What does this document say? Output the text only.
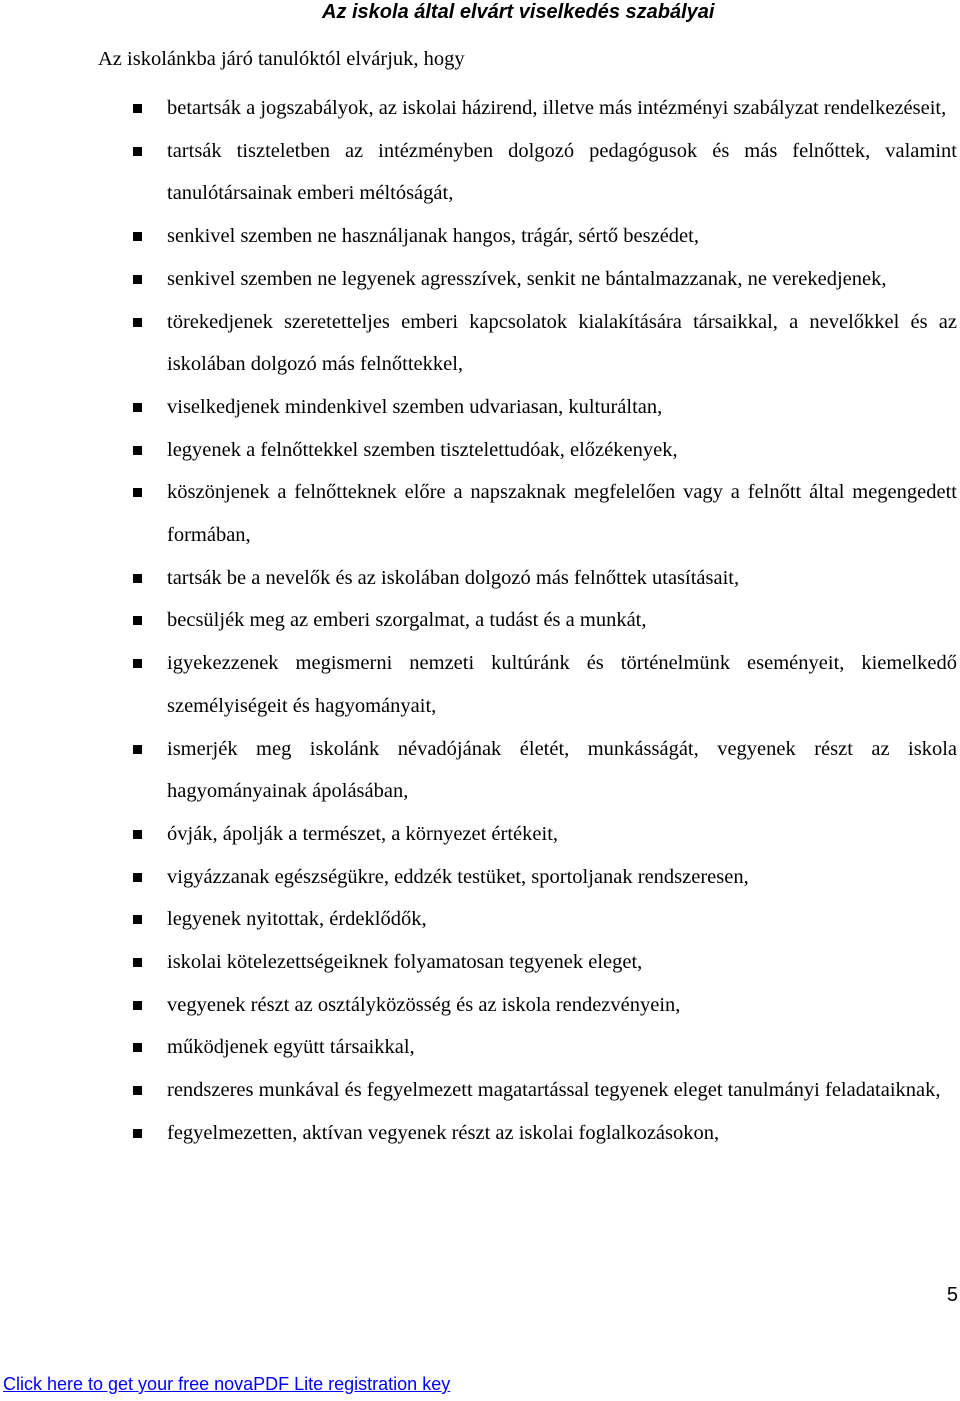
Az iskola által elvárt viselkedés szabályai
Az iskolánkba járó tanulóktól elvárjuk, hogy
betartsák a jogszabályok, az iskolai házirend, illetve más intézményi szabályzat rendelkezéseit,
tartsák tiszteletben az intézményben dolgozó pedagógusok és más felnőttek, valamint tanulótársainak emberi méltóságát,
senkivel szemben ne használjanak hangos, trágár, sértő beszédet,
senkivel szemben ne legyenek agresszívek, senkit ne bántalmazzanak, ne verekedjenek,
törekedjenek szeretetteljes emberi kapcsolatok kialakítására társaikkal, a nevelőkkel és az iskolában dolgozó más felnőttekkel,
viselkedjenek mindenkivel szemben udvariasan, kulturáltan,
legyenek a felnőttekkel szemben tisztelettudóak, előzékenyek,
köszönjenek a felnőtteknek előre a napszaknak megfelelően vagy a felnőtt által megengedett formában,
tartsák be a nevelők és az iskolában dolgozó más felnőttek utasításait,
becsüljék meg az emberi szorgalmat, a tudást és a munkát,
igyekezzenek megismerni nemzeti kultúránk és történelmünk eseményeit, kiemelkedő személyiségeit és hagyományait,
ismerjék meg iskolánk névadójának életét, munkásságát, vegyenek részt az iskola hagyományainak ápolásában,
óvják, ápolják a természet, a környezet értékeit,
vigyázzanak egészségükre, eddzék testüket, sportoljanak rendszeresen,
legyenek nyitottak, érdeklődők,
iskolai kötelezettségeiknek folyamatosan tegyenek eleget,
vegyenek részt az osztályközösség és az iskola rendezvényein,
működjenek együtt társaikkal,
rendszeres munkával és fegyelmezett magatartással tegyenek eleget tanulmányi feladataiknak,
fegyelmezetten, aktívan vegyenek részt az iskolai foglalkozásokon,
5
Click here to get your free novaPDF Lite registration key
